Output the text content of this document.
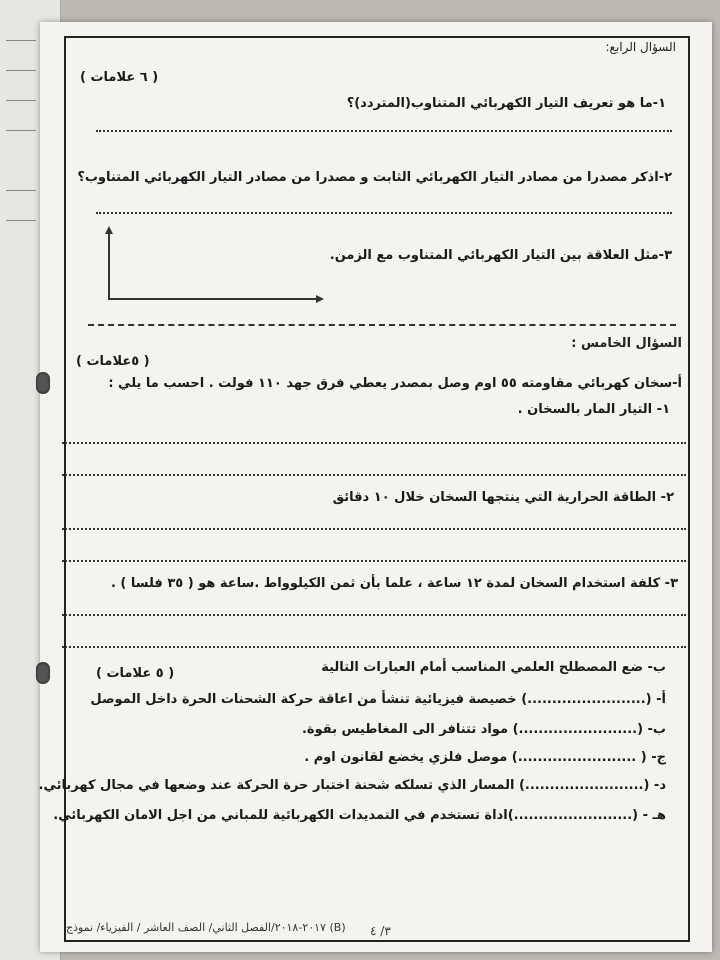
السؤال الرابع:
( ٦ علامات )
١-ما هو تعريف التيار الكهربائي المتناوب(المتردد)؟
٢-اذكر مصدرا من مصادر التيار الكهربائي الثابت و مصدرا من مصادر التيار الكهربائي المتناوب؟
٣-مثل العلاقة بين التيار الكهربائي المتناوب مع الزمن.
السؤال الخامس :
( ٥علامات )
أ-سخان كهربائي مقاومته ٥٥ اوم وصل بمصدر يعطي فرق جهد ١١٠ فولت . احسب ما يلي :
١- التيار المار بالسخان .
٢- الطاقة الحرارية التي ينتجها السخان خلال ١٠ دقائق
٣- كلفة استخدام السخان لمدة ١٢ ساعة ، علما بأن ثمن الكيلوواط .ساعة هو ( ٣٥ فلسا ) .
ب- ضع المصطلح العلمي المناسب أمام العبارات التالية
( ٥ علامات )
أ- (........................) خصيصة فيزيائية تنشأ من اعاقة حركة الشحنات الحرة داخل الموصل
ب- (........................) مواد تتنافر الى المغاطيس بقوة.
ج- ( ........................) موصل فلزي يخضع لقانون اوم .
د- (........................) المسار الذي تسلكه شحنة اختبار حرة الحركة عند وضعها في مجال كهربائي.
هـ - (........................)اداة تستخدم في التمديدات الكهربائية للمباني من اجل الامان الكهربائي.
(B) ٢٠١٧-٢٠١٨/الفصل الثاني/ الصف العاشر / الفيزياء/ نموذج ٣/ ٤
